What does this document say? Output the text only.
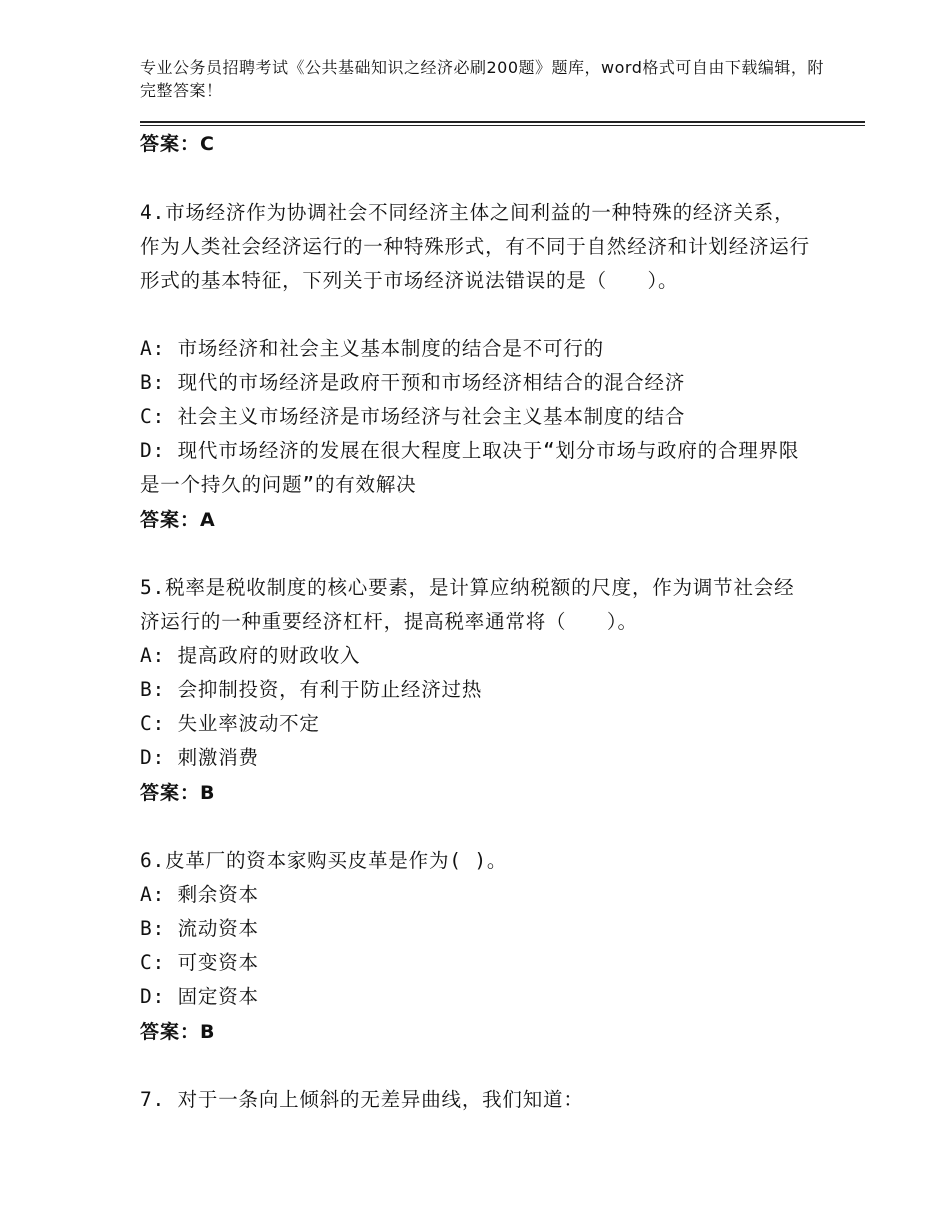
专业公务员招聘考试《公共基础知识之经济必刷200题》题库，word格式可自由下载编辑，附完整答案！
答案：C
4.市场经济作为协调社会不同经济主体之间利益的一种特殊的经济关系，作为人类社会经济运行的一种特殊形式，有不同于自然经济和计划经济运行形式的基本特征，下列关于市场经济说法错误的是（　　）。
A: 市场经济和社会主义基本制度的结合是不可行的
B: 现代的市场经济是政府干预和市场经济相结合的混合经济
C: 社会主义市场经济是市场经济与社会主义基本制度的结合
D: 现代市场经济的发展在很大程度上取决于“划分市场与政府的合理界限是一个持久的问题”的有效解决
答案：A
5.税率是税收制度的核心要素，是计算应纳税额的尺度，作为调节社会经济运行的一种重要经济杠杆，提高税率通常将（　　）。
A: 提高政府的财政收入
B: 会抑制投资，有利于防止经济过热
C: 失业率波动不定
D: 刺激消费
答案：B
6.皮革厂的资本家购买皮革是作为( )。
A: 剩余资本
B: 流动资本
C: 可变资本
D: 固定资本
答案：B
7. 对于一条向上倾斜的无差异曲线，我们知道：
